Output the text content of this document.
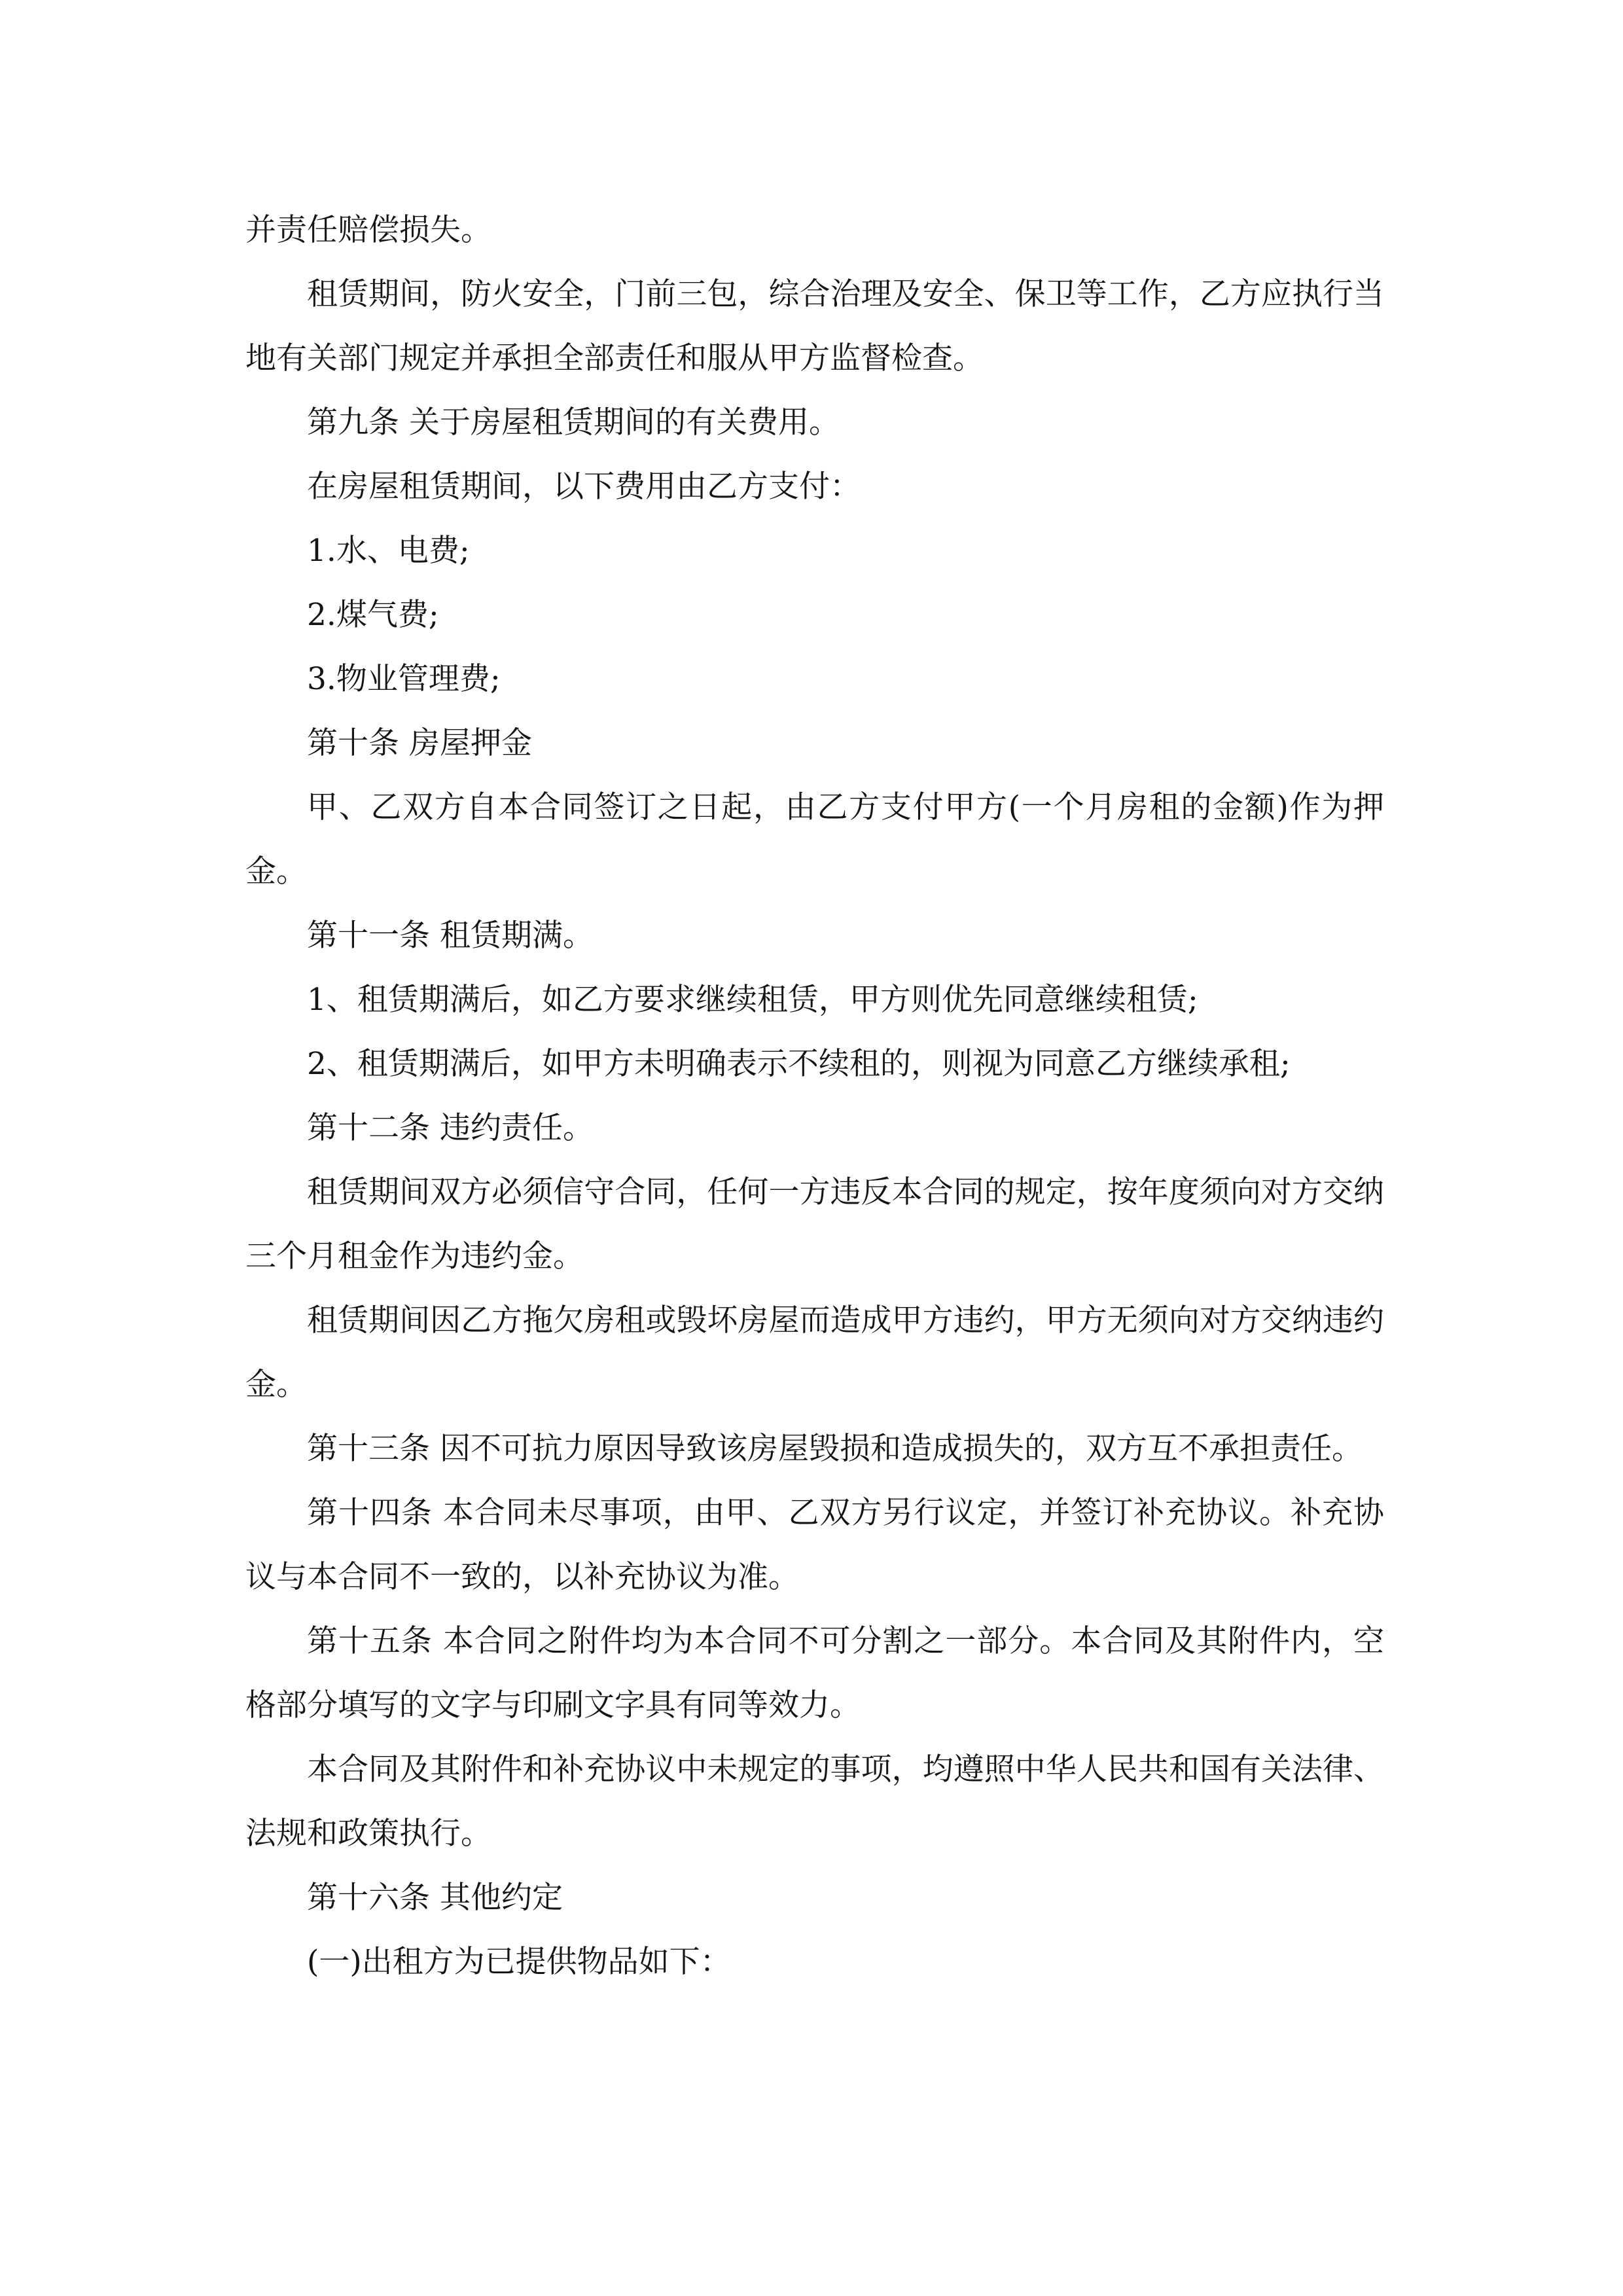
并责任赔偿损失。

租赁期间，防火安全，门前三包，综合治理及安全、保卫等工作，乙方应执行当地有关部门规定并承担全部责任和服从甲方监督检查。

第九条 关于房屋租赁期间的有关费用。

在房屋租赁期间，以下费用由乙方支付：

1.水、电费;

2.煤气费;

3.物业管理费;

第十条 房屋押金

甲、乙双方自本合同签订之日起，由乙方支付甲方(一个月房租的金额)作为押金。

第十一条 租赁期满。

1、租赁期满后，如乙方要求继续租赁，甲方则优先同意继续租赁;

2、租赁期满后，如甲方未明确表示不续租的，则视为同意乙方继续承租;

第十二条 违约责任。

租赁期间双方必须信守合同，任何一方违反本合同的规定，按年度须向对方交纳三个月租金作为违约金。

租赁期间因乙方拖欠房租或毁坏房屋而造成甲方违约，甲方无须向对方交纳违约金。

第十三条 因不可抗力原因导致该房屋毁损和造成损失的，双方互不承担责任。

第十四条 本合同未尽事项，由甲、乙双方另行议定，并签订补充协议。补充协议与本合同不一致的，以补充协议为准。

第十五条 本合同之附件均为本合同不可分割之一部分。本合同及其附件内，空格部分填写的文字与印刷文字具有同等效力。

本合同及其附件和补充协议中未规定的事项，均遵照中华人民共和国有关法律、法规和政策执行。

第十六条 其他约定

(一)出租方为已提供物品如下：
